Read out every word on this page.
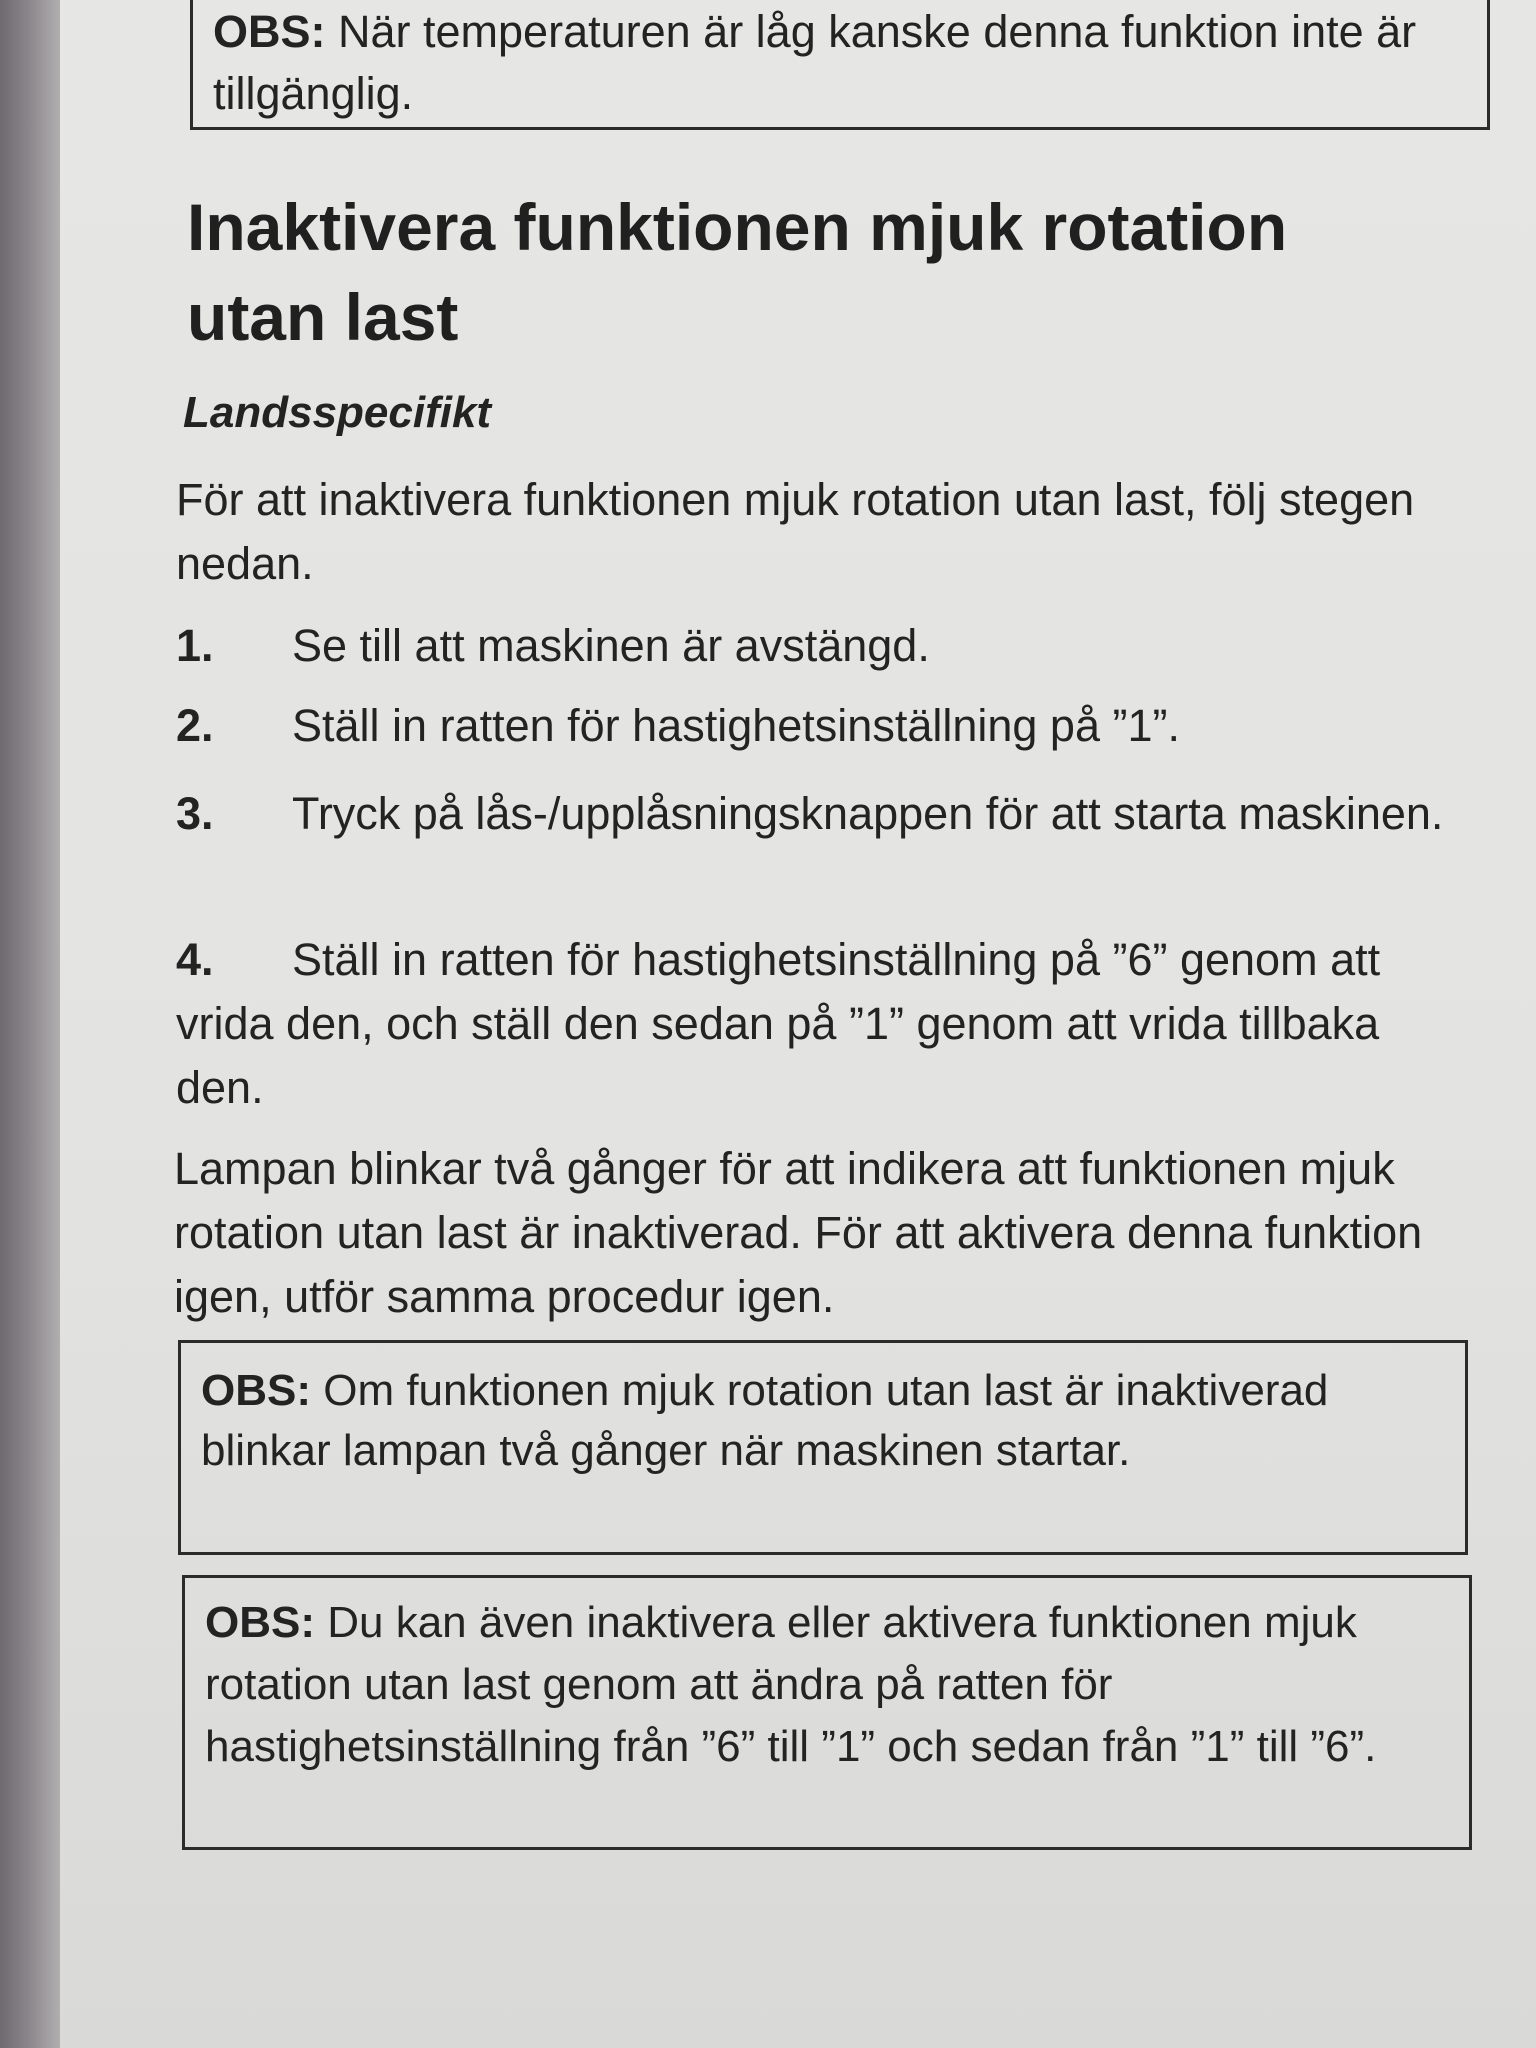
OBS: När temperaturen är låg kanske denna funktion inte är tillgänglig.
Inaktivera funktionen mjuk rotation utan last

Landsspecifikt

För att inaktivera funktionen mjuk rotation utan last, följ stegen nedan.

1. Se till att maskinen är avstängd.

2. Ställ in ratten för hastighetsinställning på ”1”.

3. Tryck på lås-/upplåsningsknappen för att starta maskinen.

4. Ställ in ratten för hastighetsinställning på ”6” genom att vrida den, och ställ den sedan på ”1” genom att vrida tillbaka den.

Lampan blinkar två gånger för att indikera att funktionen mjuk rotation utan last är inaktiverad. För att aktivera denna funktion igen, utför samma procedur igen.

OBS: Om funktionen mjuk rotation utan last är inaktiverad blinkar lampan två gånger när maskinen startar.
OBS: Du kan även inaktivera eller aktivera funktionen mjuk rotation utan last genom att ändra på ratten för hastighetsinställning från ”6” till ”1” och sedan från ”1” till ”6”.
